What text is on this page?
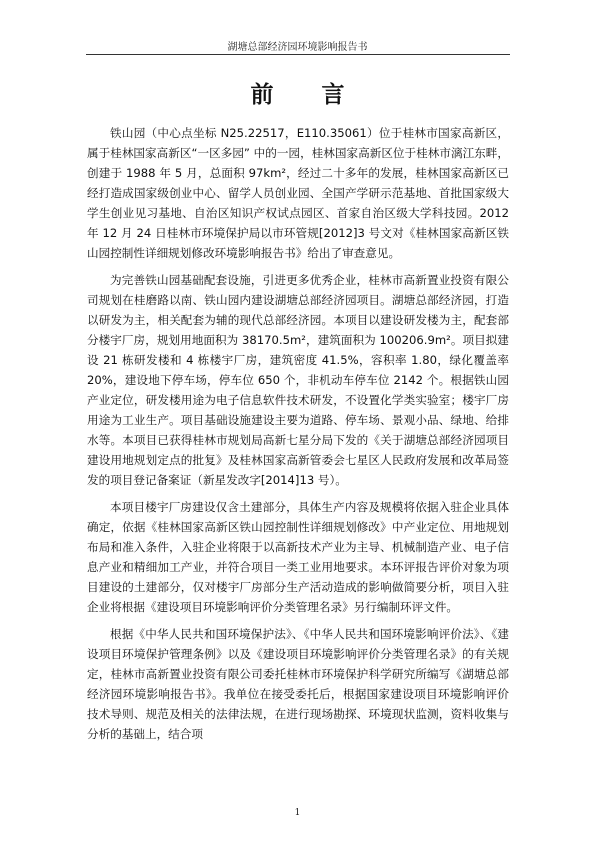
湖塘总部经济园环境影响报告书
前 言

铁山园（中心点坐标 N25.22517，E110.35061）位于桂林市国家高新区，属于桂林国家高新区“一区多园” 中的一园，桂林国家高新区位于桂林市漓江东畔，创建于 1988 年 5 月，总面积 97km²，经过二十多年的发展，桂林国家高新区已经打造成国家级创业中心、留学人员创业园、全国产学研示范基地、首批国家级大学生创业见习基地、自治区知识产权试点园区、首家自治区级大学科技园。2012 年 12 月 24 日桂林市环境保护局以市环管规[2012]3 号文对《桂林国家高新区铁山园控制性详细规划修改环境影响报告书》给出了审查意见。

为完善铁山园基础配套设施，引进更多优秀企业，桂林市高新置业投资有限公司规划在桂磨路以南、铁山园内建设湖塘总部经济园项目。湖塘总部经济园，打造以研发为主，相关配套为辅的现代总部经济园。本项目以建设研发楼为主，配套部分楼宇厂房，规划用地面积为 38170.5m²，建筑面积为 100206.9m²。项目拟建设 21 栋研发楼和 4 栋楼宇厂房，建筑密度 41.5%，容积率 1.80，绿化覆盖率 20%，建设地下停车场，停车位 650 个，非机动车停车位 2142 个。根据铁山园产业定位，研发楼用途为电子信息软件技术研发，不设置化学类实验室；楼宇厂房用途为工业生产。项目基础设施建设主要为道路、停车场、景观小品、绿地、给排水等。本项目已获得桂林市规划局高新七星分局下发的《关于湖塘总部经济园项目建设用地规划定点的批复》及桂林国家高新管委会七星区人民政府发展和改革局签发的项目登记备案证（新星发改字[2014]13 号）。

本项目楼宇厂房建设仅含土建部分，具体生产内容及规模将依据入驻企业具体确定，依据《桂林国家高新区铁山园控制性详细规划修改》中产业定位、用地规划布局和准入条件，入驻企业将限于以高新技术产业为主导、机械制造产业、电子信息产业和精细加工产业，并符合项目一类工业用地要求。本环评报告评价对象为项目建设的土建部分，仅对楼宇厂房部分生产活动造成的影响做简要分析，项目入驻企业将根据《建设项目环境影响评价分类管理名录》另行编制环评文件。

根据《中华人民共和国环境保护法》、《中华人民共和国环境影响评价法》、《建设项目环境保护管理条例》以及《建设项目环境影响评价分类管理名录》的有关规定，桂林市高新置业投资有限公司委托桂林市环境保护科学研究所编写《湖塘总部经济园环境影响报告书》。我单位在接受委托后，根据国家建设项目环境影响评价技术导则、规范及相关的法律法规，在进行现场勘探、环境现状监测，资料收集与分析的基础上，结合项

1
